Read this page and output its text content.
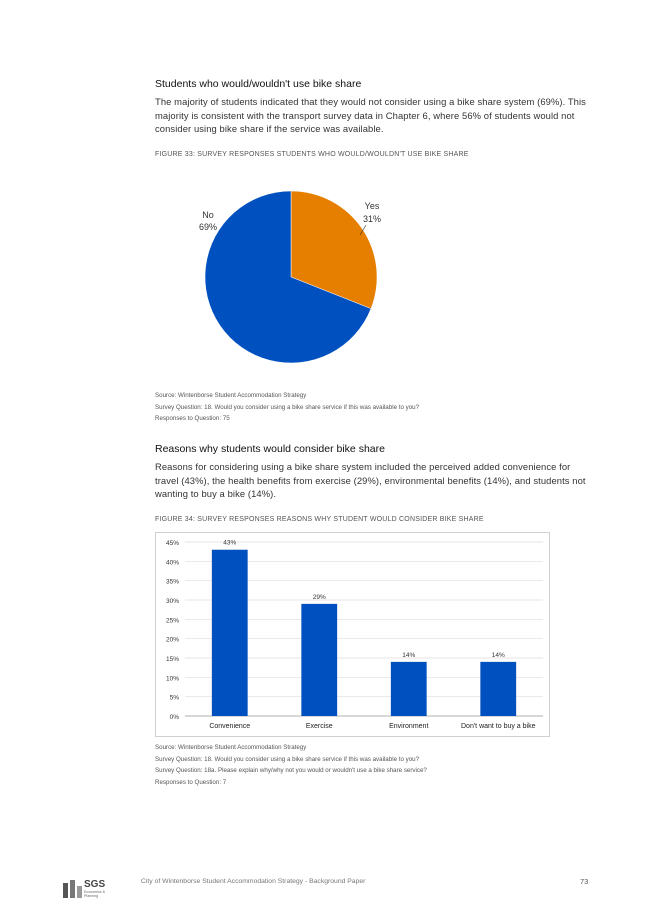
Students who would/wouldn't use bike share

The majority of students indicated that they would not consider using a bike share system (69%). This majority is consistent with the transport survey data in Chapter 6, where 56% of students would not consider using bike share if the service was available.

FIGURE 33: SURVEY RESPONSES STUDENTS WHO WOULD/WOULDN'T USE BIKE SHARE
Yes
31%
No
69%
Source: Wintenborse Student Accommodation Strategy
Survey Question: 18. Would you consider using a bike share service if this was available to you?
Responses to Question: 75
Reasons why students would consider bike share

Reasons for considering using a bike share system included the perceived added convenience for travel (43%), the health benefits from exercise (29%), environmental benefits (14%), and students not wanting to buy a bike (14%).

FIGURE 34: SURVEY RESPONSES REASONS WHY STUDENT WOULD CONSIDER BIKE SHARE
0%
5%
10%
15%
20%
25%
30%
35%
40%
45%	43%
Convenience
29%
Exercise
14%
Environment
14%
Don't want to buy a bike
Source: Wintenborse Student Accommodation Strategy
Survey Question: 18. Would you consider using a bike share service if this was available to you?
Survey Question: 18a. Please explain why/why not you would or wouldn't use a bike share service?
Responses to Question: 7
SGS
Economics & Planning
City of Wintenborse Student Accommodation Strategy - Background Paper	73
